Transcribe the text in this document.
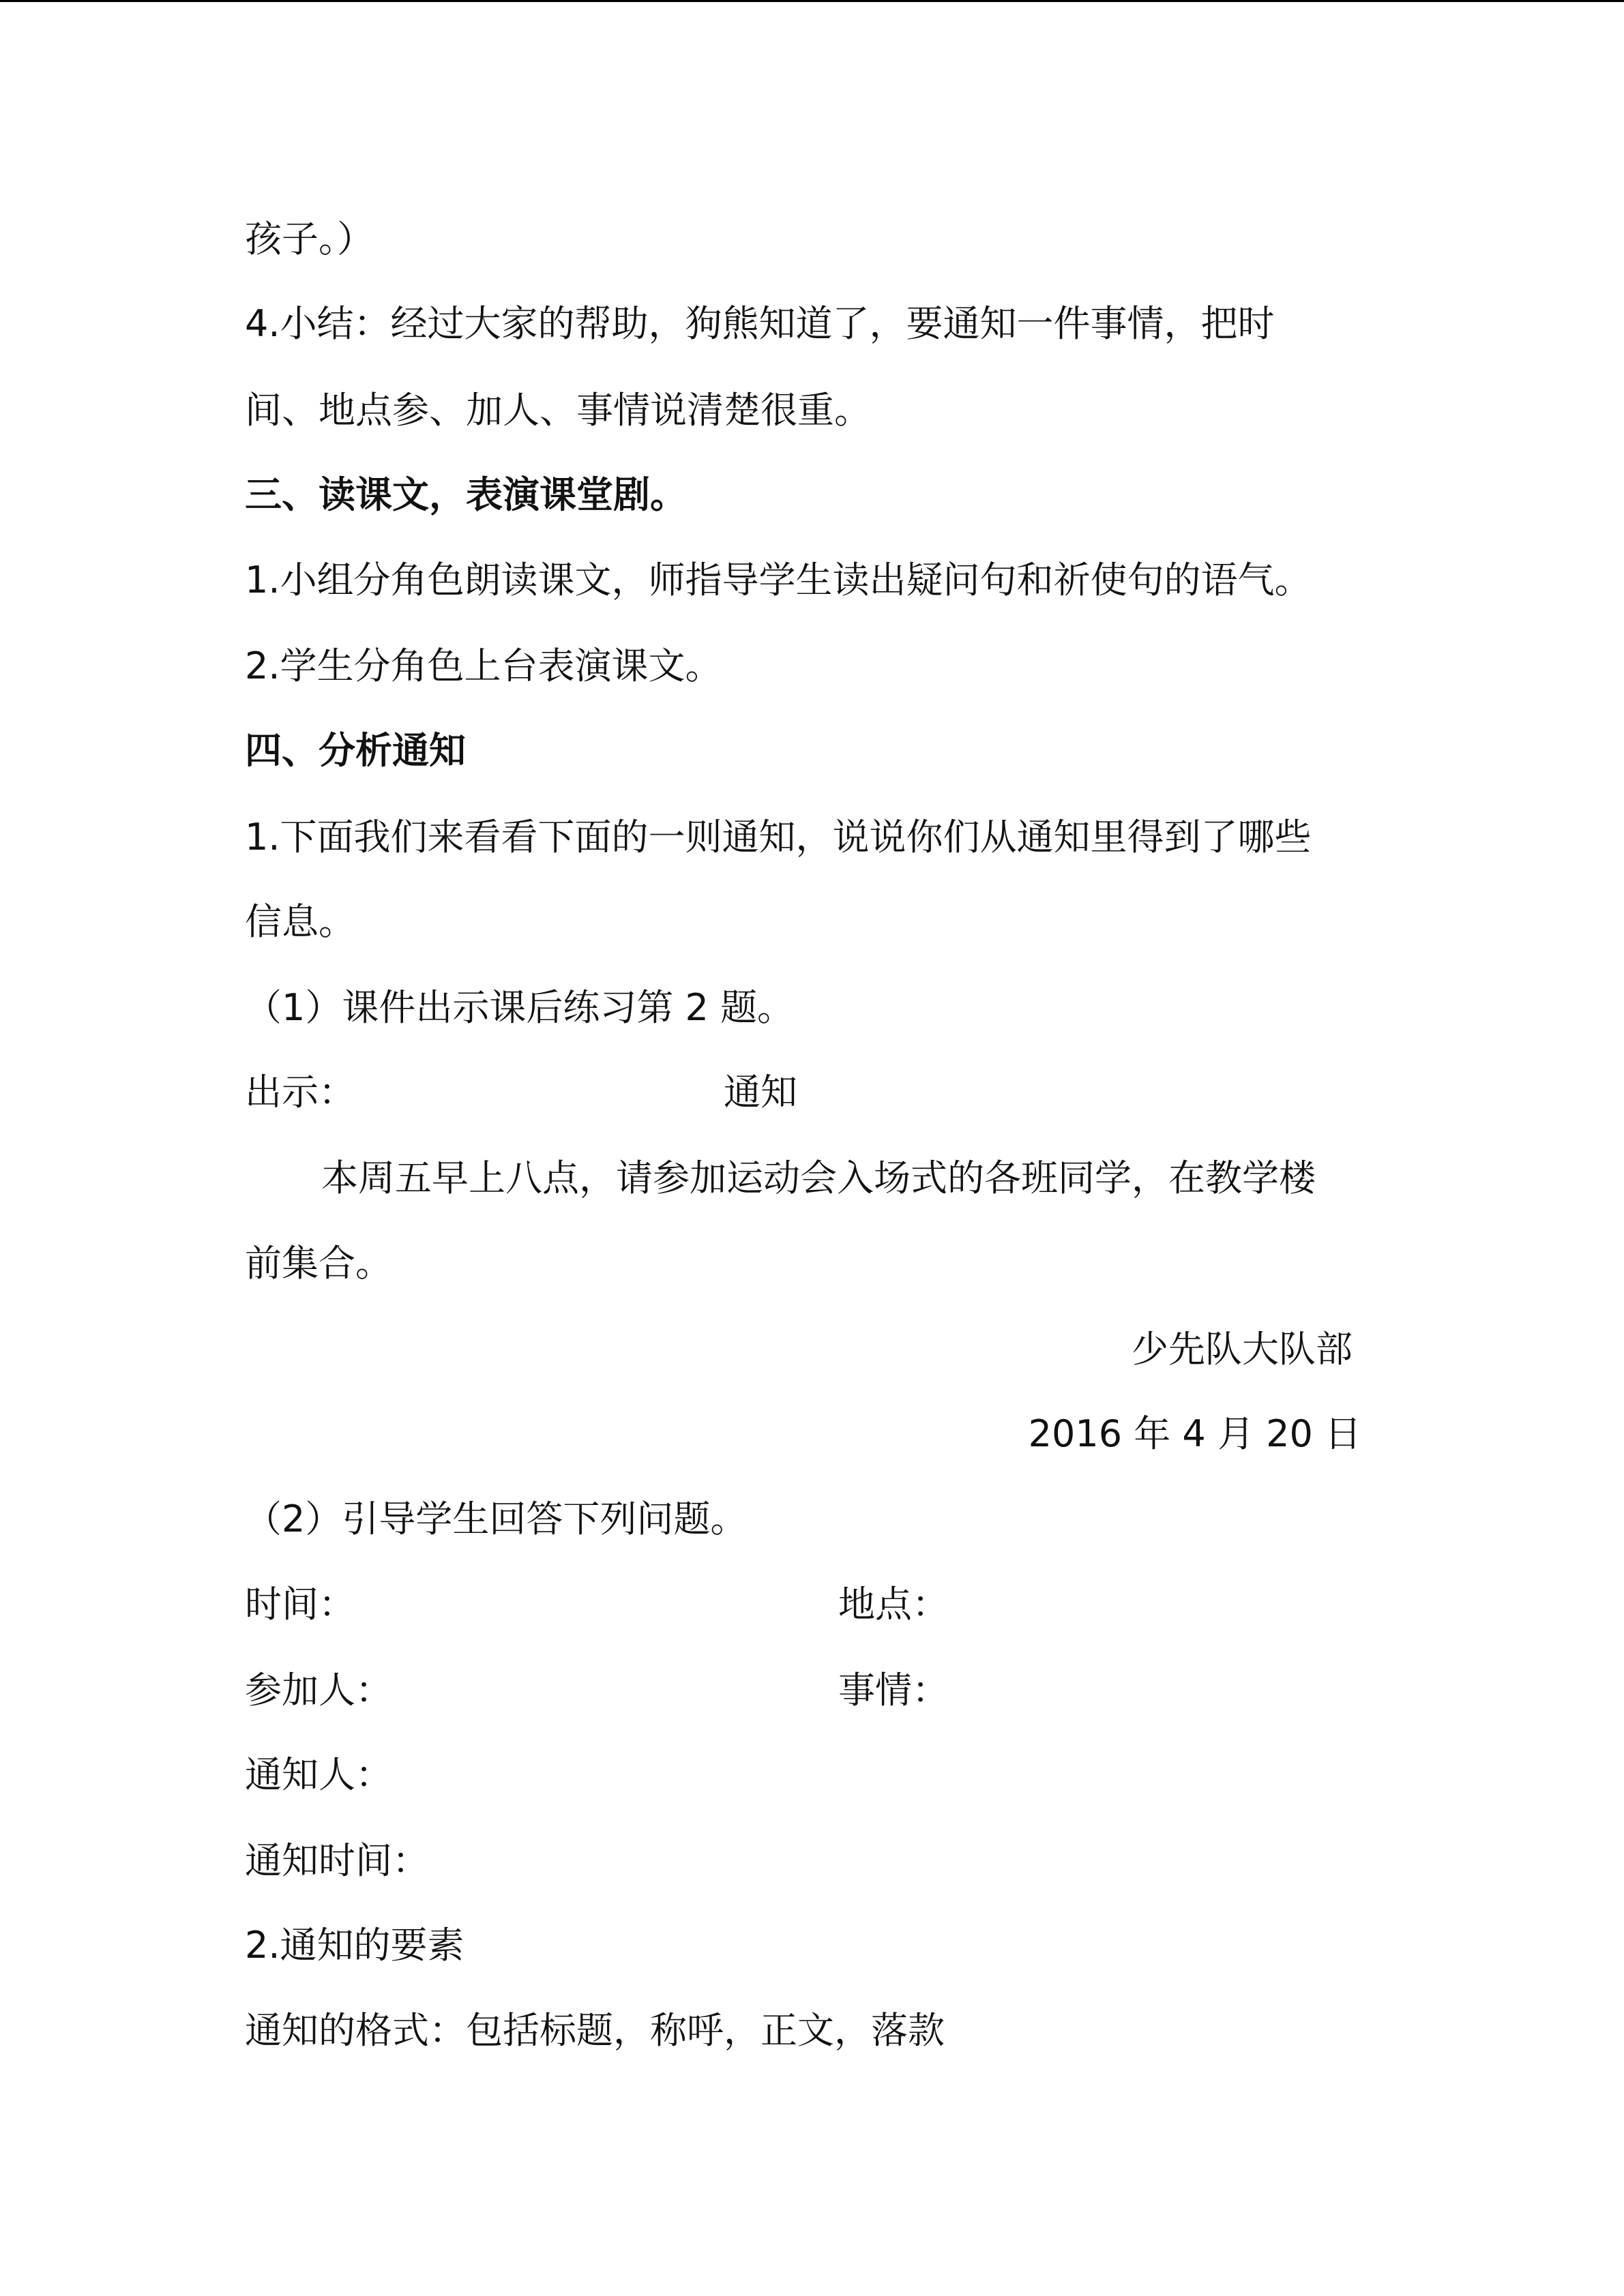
孩子。）
4.小结：经过大家的帮助，狗熊知道了，要通知一件事情，把时
间、地点参、加人、事情说清楚很重。
三、读课文，表演课堂剧。
1.小组分角色朗读课文，师指导学生读出疑问句和祈使句的语气。
2.学生分角色上台表演课文。
四、分析通知
1.下面我们来看看下面的一则通知，说说你们从通知里得到了哪些
信息。
（1）课件出示课后练习第 2 题。
出示：	通知
本周五早上八点，请参加运动会入场式的各班同学，在教学楼
前集合。
少先队大队部
2016 年 4 月 20 日
（2）引导学生回答下列问题。
时间：	地点：
参加人：	事情：
通知人：
通知时间：
2.通知的要素
通知的格式：包括标题，称呼，正文，落款
